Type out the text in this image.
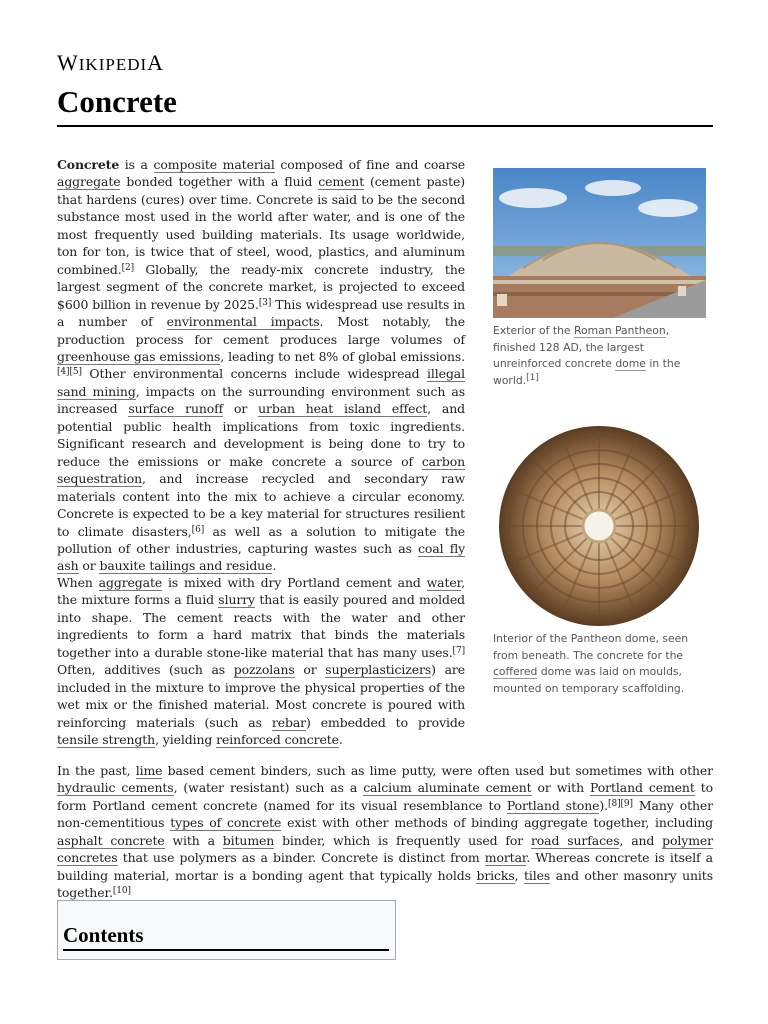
WIKIPEDIA
Concrete

Concrete is a composite material composed of fine and coarse aggregate bonded together with a fluid cement (cement paste) that hardens (cures) over time. Concrete is said to be the second substance most used in the world after water, and is one of the most frequently used building materials. Its usage worldwide, ton for ton, is twice that of steel, wood, plastics, and aluminum combined.[2] Globally, the ready-mix concrete industry, the largest segment of the concrete market, is projected to exceed $600 billion in revenue by 2025.[3] This widespread use results in a number of environmental impacts. Most notably, the production process for cement produces large volumes of greenhouse gas emissions, leading to net 8% of global emissions.[4][5] Other environmental concerns include widespread illegal sand mining, impacts on the surrounding environment such as increased surface runoff or urban heat island effect, and potential public health implications from toxic ingredients. Significant research and development is being done to try to reduce the emissions or make concrete a source of carbon sequestration, and increase recycled and secondary raw materials content into the mix to achieve a circular economy. Concrete is expected to be a key material for structures resilient to climate disasters,[6] as well as a solution to mitigate the pollution of other industries, capturing wastes such as coal fly ash or bauxite tailings and residue.

Exterior of the Roman Pantheon, finished 128 AD, the largest unreinforced concrete dome in the world.[1]
Interior of the Pantheon dome, seen from beneath. The concrete for the coffered dome was laid on moulds, mounted on temporary scaffolding.

When aggregate is mixed with dry Portland cement and water, the mixture forms a fluid slurry that is easily poured and molded into shape. The cement reacts with the water and other ingredients to form a hard matrix that binds the materials together into a durable stone-like material that has many uses.[7] Often, additives (such as pozzolans or superplasticizers) are included in the mixture to improve the physical properties of the wet mix or the finished material. Most concrete is poured with reinforcing materials (such as rebar) embedded to provide tensile strength, yielding reinforced concrete.

In the past, lime based cement binders, such as lime putty, were often used but sometimes with other hydraulic cements, (water resistant) such as a calcium aluminate cement or with Portland cement to form Portland cement concrete (named for its visual resemblance to Portland stone).[8][9] Many other non-cementitious types of concrete exist with other methods of binding aggregate together, including asphalt concrete with a bitumen binder, which is frequently used for road surfaces, and polymer concretes that use polymers as a binder. Concrete is distinct from mortar. Whereas concrete is itself a building material, mortar is a bonding agent that typically holds bricks, tiles and other masonry units together.[10]

Contents
